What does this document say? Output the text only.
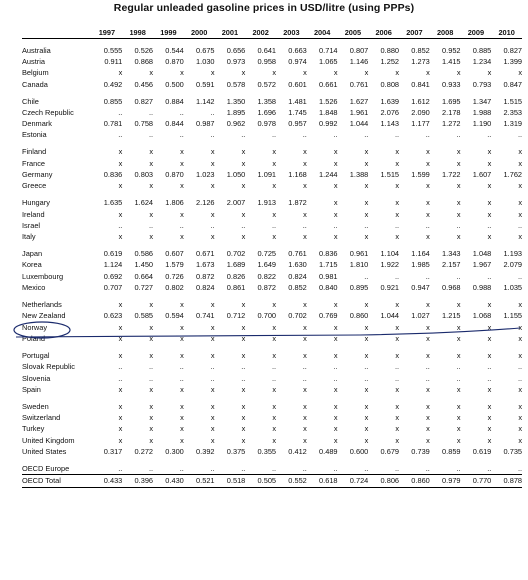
Regular unleaded gasoline prices in USD/litre (using PPPs)
1997	1998	1999	2000	2001	2002	2003	2004	2005	2006	2007	2008	2009	2010
Australia	0.555	0.526	0.544	0.675	0.656	0.641	0.663	0.714	0.807	0.880	0.852	0.952	0.885	0.827
Austria	0.911	0.868	0.870	1.030	0.973	0.958	0.974	1.065	1.146	1.252	1.273	1.415	1.234	1.399
Belgium	x	x	x	x	x	x	x	x	x	x	x	x	x	x
Canada	0.492	0.456	0.500	0.591	0.578	0.572	0.601	0.661	0.761	0.808	0.841	0.933	0.793	0.847
Chile	0.855	0.827	0.884	1.142	1.350	1.358	1.481	1.526	1.627	1.639	1.612	1.695	1.347	1.515
Czech Republic	..	..	..	..	1.895	1.696	1.745	1.848	1.961	2.076	2.090	2.178	1.988	2.353
Denmark	0.781	0.758	0.844	0.987	0.962	0.978	0.957	0.992	1.044	1.143	1.177	1.272	1.190	1.319
Estonia	..	..	..	..	..	..	..	..	..	..	..	..	..	..
Finland	x	x	x	x	x	x	x	x	x	x	x	x	x	x
France	x	x	x	x	x	x	x	x	x	x	x	x	x	x
Germany	0.836	0.803	0.870	1.023	1.050	1.091	1.168	1.244	1.388	1.515	1.599	1.722	1.607	1.762
Greece	x	x	x	x	x	x	x	x	x	x	x	x	x	x
Hungary	1.635	1.624	1.806	2.126	2.007	1.913	1.872	x	x	x	x	x	x	x
Ireland	x	x	x	x	x	x	x	x	x	x	x	x	x	x
Israel	..	..	..	..	..	..	..	..	..	..	..	..	..	..
Italy	x	x	x	x	x	x	x	x	x	x	x	x	x	x
Japan	0.619	0.586	0.607	0.671	0.702	0.725	0.761	0.836	0.961	1.104	1.164	1.343	1.048	1.193
Korea	1.124	1.450	1.579	1.673	1.689	1.649	1.630	1.715	1.810	1.922	1.985	2.157	1.967	2.079
Luxembourg	0.692	0.664	0.726	0.872	0.826	0.822	0.824	0.981	..	..	..	..	..	..
Mexico	0.707	0.727	0.802	0.824	0.861	0.872	0.852	0.840	0.895	0.921	0.947	0.968	0.988	1.035
Netherlands	x	x	x	x	x	x	x	x	x	x	x	x	x	x
New Zealand	0.623	0.585	0.594	0.741	0.712	0.700	0.702	0.769	0.860	1.044	1.027	1.215	1.068	1.155
Norway	x	x	x	x	x	x	x	x	x	x	x	x	x	x
Poland	x	x	x	x	x	x	x	x	x	x	x	x	x	x
Portugal	x	x	x	x	x	x	x	x	x	x	x	x	x	x
Slovak Republic	..	..	..	..	..	..	..	..	..	..	..	..	..	..
Slovenia	..	..	..	..	..	..	..	..	..	..	..	..	..	..
Spain	x	x	x	x	x	x	x	x	x	x	x	x	x	x
Sweden	x	x	x	x	x	x	x	x	x	x	x	x	x	x
Switzerland	x	x	x	x	x	x	x	x	x	x	x	x	x	x
Turkey	x	x	x	x	x	x	x	x	x	x	x	x	x	x
United Kingdom	x	x	x	x	x	x	x	x	x	x	x	x	x	x
United States	0.317	0.272	0.300	0.392	0.375	0.355	0.412	0.489	0.600	0.679	0.739	0.859	0.619	0.735
OECD Europe	..	..	..	..	..	..	..	..	..	..	..	..	..	..
OECD Total	0.433	0.396	0.430	0.521	0.518	0.505	0.552	0.618	0.724	0.806	0.860	0.979	0.770	0.878
